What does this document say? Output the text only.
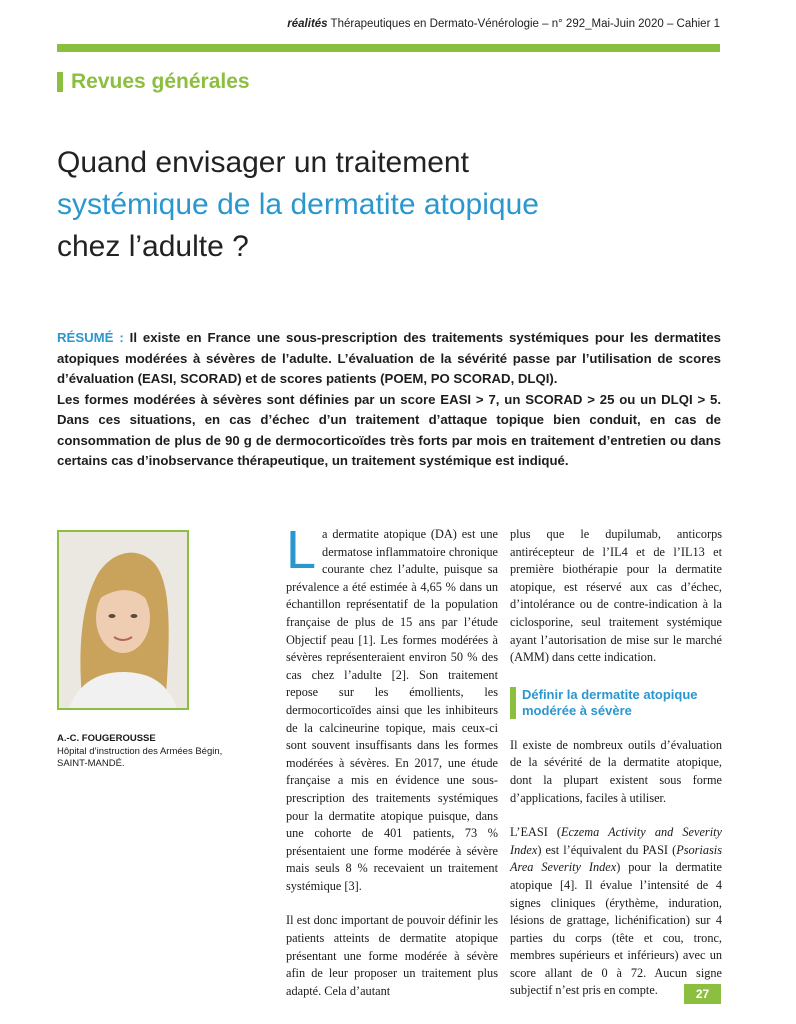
réalités Thérapeutiques en Dermato-Vénérologie – n° 292_Mai-Juin 2020 – Cahier 1
Revues générales
Quand envisager un traitement
systémique de la dermatite atopique
chez l’adulte ?

RÉSUMÉ : Il existe en France une sous-prescription des traitements systémiques pour les dermatites atopiques modérées à sévères de l’adulte. L’évaluation de la sévérité passe par l’utilisation de scores d’évaluation (EASI, SCORAD) et de scores patients (POEM, PO SCORAD, DLQI).

Les formes modérées à sévères sont définies par un score EASI > 7, un SCORAD > 25 ou un DLQI > 5. Dans ces situations, en cas d’échec d’un traitement d’attaque topique bien conduit, en cas de consommation de plus de 90 g de dermocorticoïdes très forts par mois en traitement d’entretien ou dans certains cas d’inobservance thérapeutique, un traitement systémique est indiqué.

A.-C. FOUGEROUSSE
Hôpital d’instruction des Armées Bégin,
SAINT-MANDÉ.
L a dermatite atopique (DA) est une dermatose inflammatoire chronique courante chez l’adulte, puisque sa prévalence a été estimée à 4,65 % dans un échantillon représentatif de la population française de plus de 15 ans par l’étude Objectif peau [1]. Les formes modérées à sévères représenteraient environ 50 % des cas chez l’adulte [2]. Son traitement repose sur les émollients, les dermocorticoïdes ainsi que les inhibiteurs de la calcineurine topique, mais ceux-ci sont souvent insuffisants dans les formes modérées à sévères. En 2017, une étude française a mis en évidence une sous-prescription des traitements systémiques pour la dermatite atopique puisque, dans une cohorte de 401 patients, 73 % présentaient une forme modérée à sévère mais seuls 8 % recevaient un traitement systémique [3].

Il est donc important de pouvoir définir les patients atteints de dermatite atopique présentant une forme modérée à sévère afin de leur proposer un traitement plus adapté. Cela d’autant

plus que le dupilumab, anticorps antirécepteur de l’IL4 et de l’IL13 et première biothérapie pour la dermatite atopique, est réservé aux cas d’échec, d’intolérance ou de contre-indication à la ciclosporine, seul traitement systémique ayant l’autorisation de mise sur le marché (AMM) dans cette indication.

Définir la dermatite atopique modérée à sévère

Il existe de nombreux outils d’évaluation de la sévérité de la dermatite atopique, dont la plupart existent sous forme d’applications, faciles à utiliser.

L’EASI (Eczema Activity and Severity Index) est l’équivalent du PASI (Psoriasis Area Severity Index) pour la dermatite atopique [4]. Il évalue l’intensité de 4 signes cliniques (érythème, induration, lésions de grattage, lichénification) sur 4 parties du corps (tête et cou, tronc, membres supérieurs et inférieurs) avec un score allant de 0 à 72. Aucun signe subjectif n’est pris en compte.	27
